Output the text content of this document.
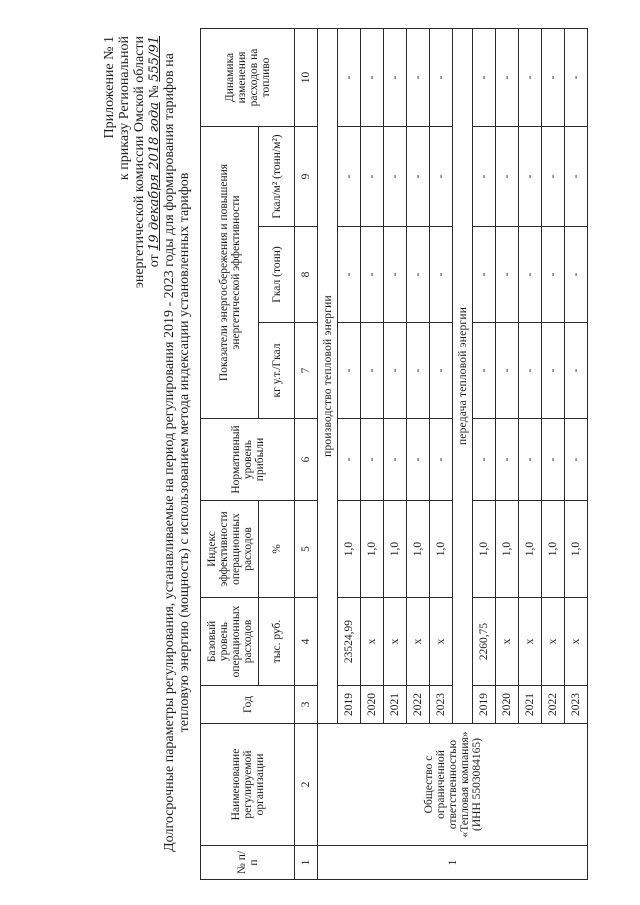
Приложение № 1 к приказу Региональной энергетической комиссии Омской области от 19 декабря 2018 года № 555/91 Долгосрочные параметры регулирования, устанавливаемые на период регулирования 2019 - 2023 годы для формирования тарифов на тепловую энергию (мощность) с использованием метода индексации установленных тарифов
№ п/п	Наименование регулируемой организации	Год	Базовый уровень операционных расходов	Индекс эффективности операционных расходов	Нормативный уровень прибыли	Показатели энергосбережения и повышения энергетической эффективности			Динамика изменения расходов на топливо
			тыс. руб.	%		кг у.т./Гкал	Гкал (тонн)	Гкал/м² (тонн/м²)	
1	2	3	4	5	6	7	8	9	10
1	Общество с ограниченной ответственностью «Тепловая компания» (ИНН 5503084165)	производство тепловой энергии							
		2019	23524,99	1,0	-	-	-	-	-
		2020	х	1,0	-	-	-	-	-
		2021	х	1,0	-	-	-	-	-
		2022	х	1,0	-	-	-	-	-
		2023	х	1,0	-	-	-	-	-
		передача тепловой энергии							
		2019	2260,75	1,0	-	-	-	-	-
		2020	х	1,0	-	-	-	-	-
		2021	х	1,0	-	-	-	-	-
		2022	х	1,0	-	-	-	-	-
		2023	х	1,0	-	-	-	-	-
